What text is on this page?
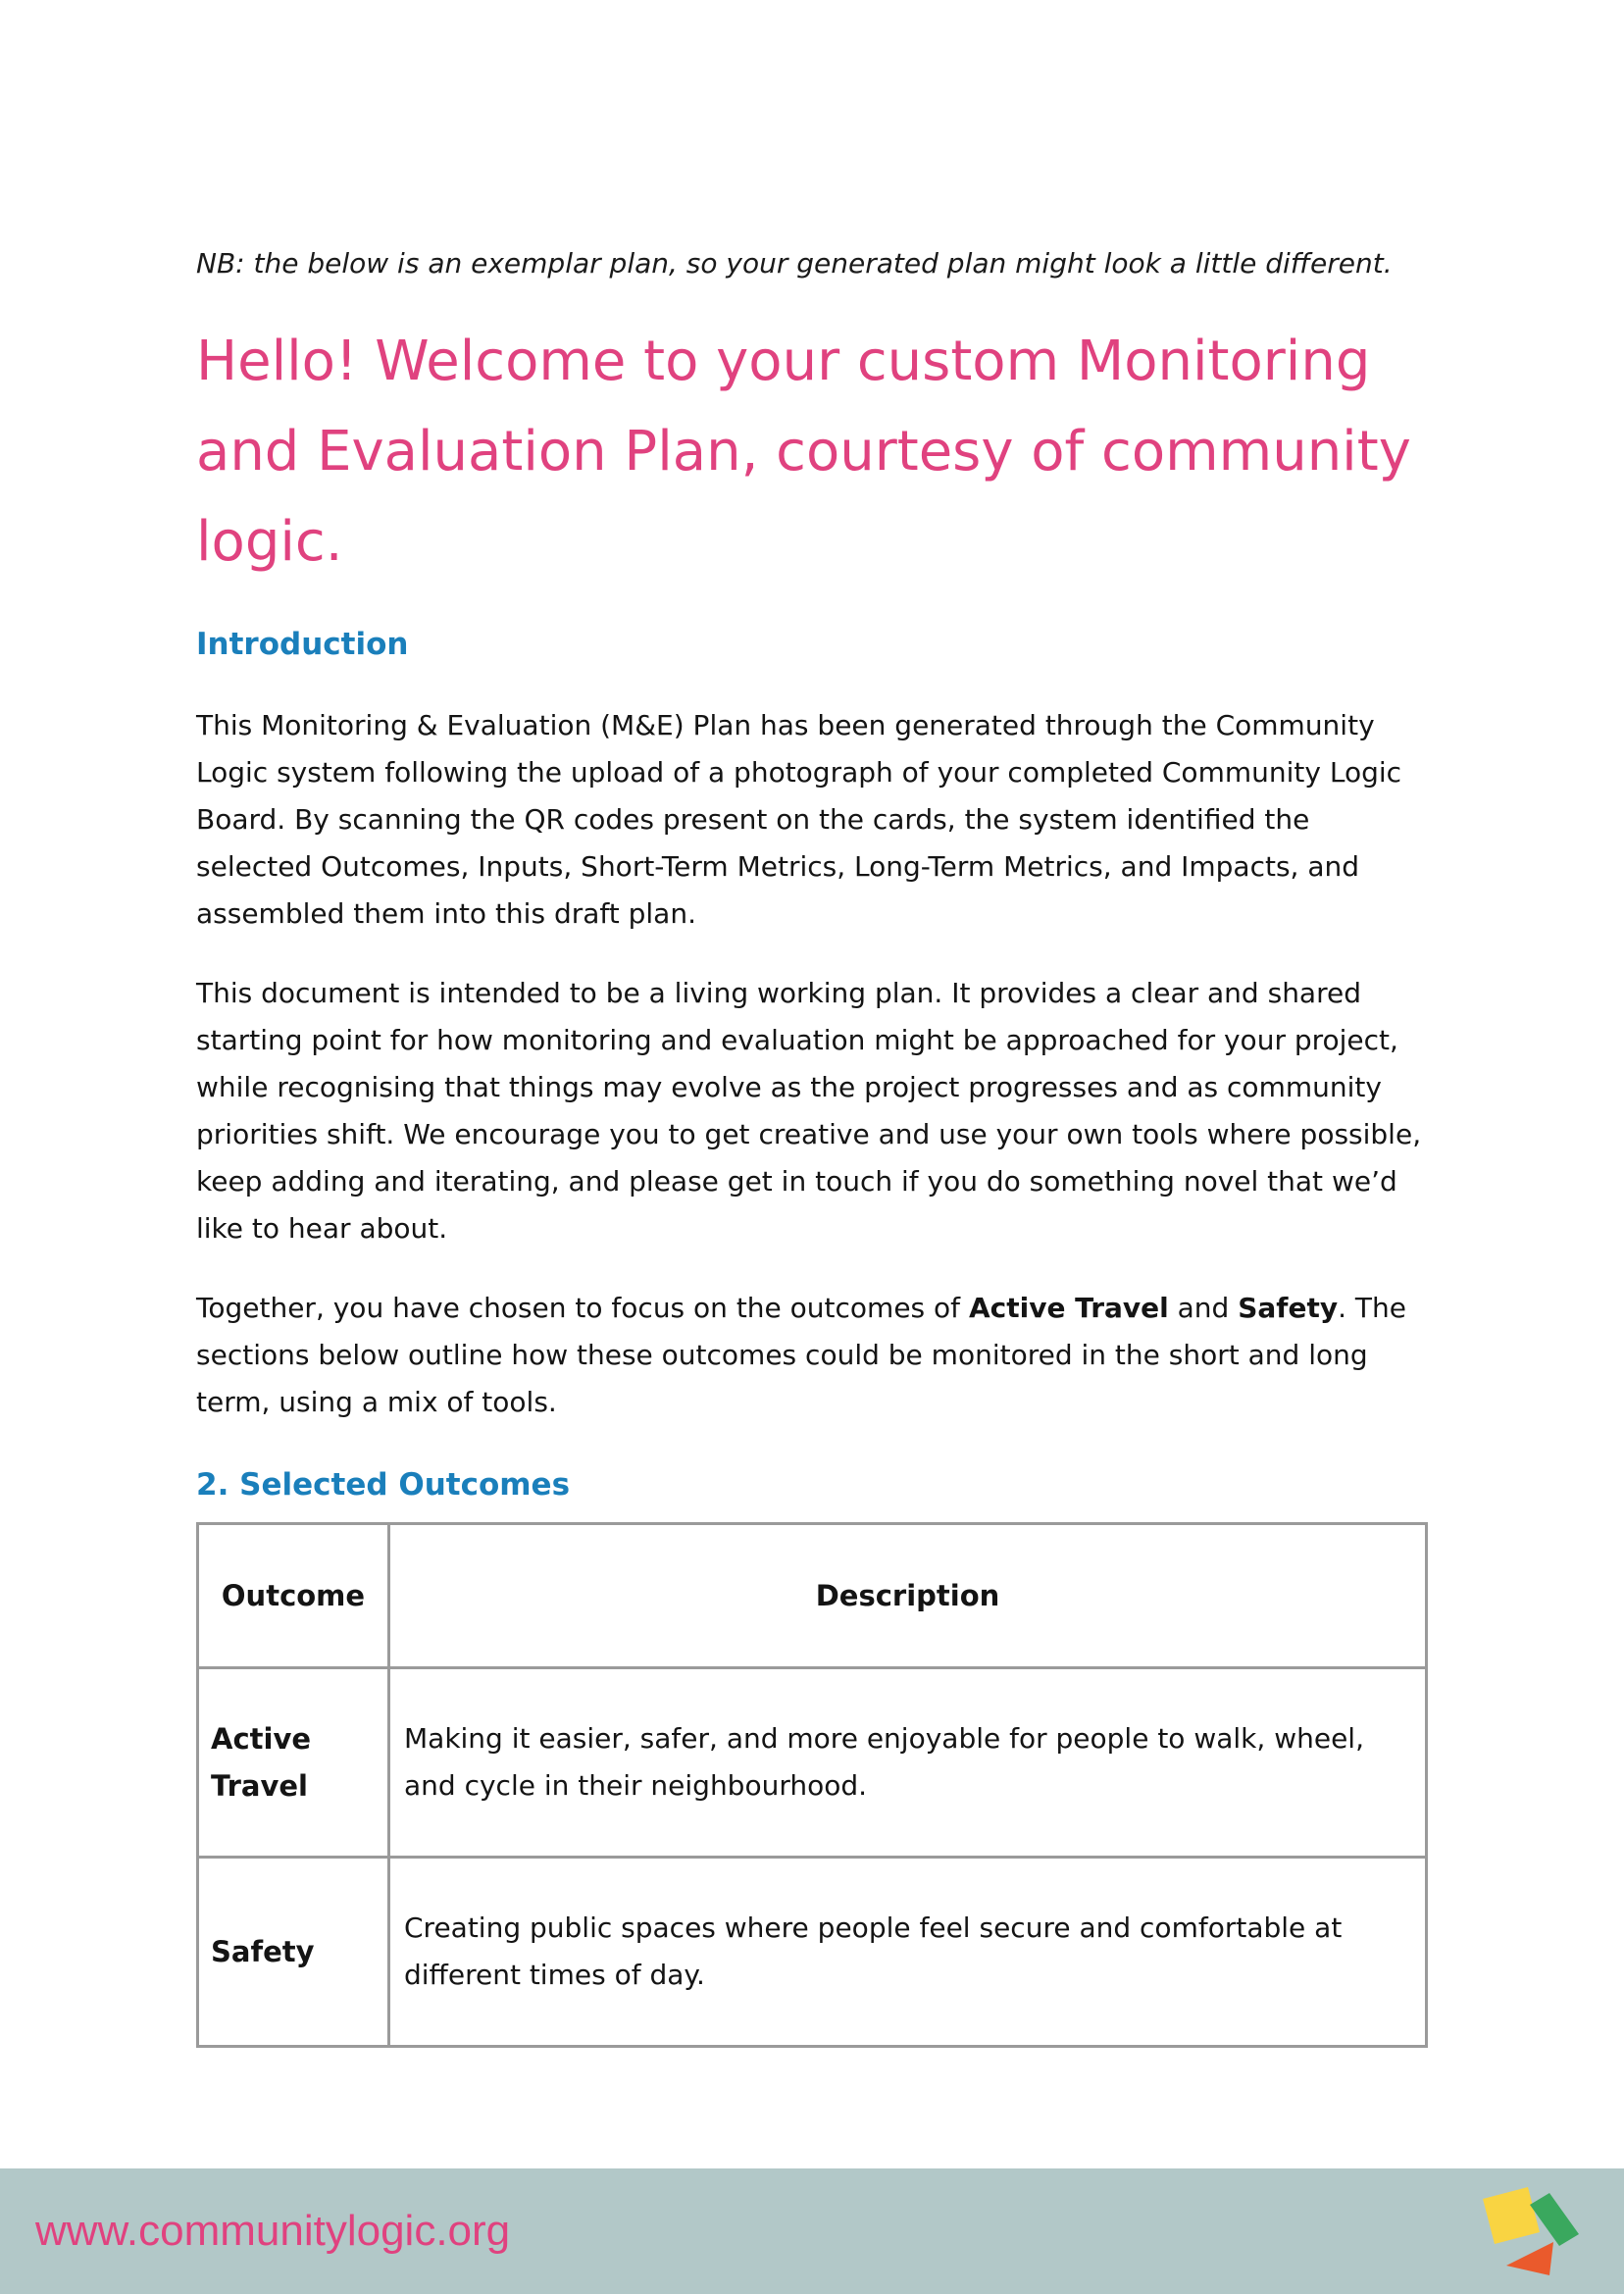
NB: the below is an exemplar plan, so your generated plan might look a little different.

Hello! Welcome to your custom Monitoring and Evaluation Plan, courtesy of community logic.
Introduction

This Monitoring & Evaluation (M&E) Plan has been generated through the Community Logic system following the upload of a photograph of your completed Community Logic Board. By scanning the QR codes present on the cards, the system identified the selected Outcomes, Inputs, Short-Term Metrics, Long-Term Metrics, and Impacts, and assembled them into this draft plan.

This document is intended to be a living working plan. It provides a clear and shared starting point for how monitoring and evaluation might be approached for your project, while recognising that things may evolve as the project progresses and as community priorities shift. We encourage you to get creative and use your own tools where possible, keep adding and iterating, and please get in touch if you do something novel that we’d like to hear about.

Together, you have chosen to focus on the outcomes of Active Travel and Safety. The sections below outline how these outcomes could be monitored in the short and long term, using a mix of tools.

2. Selected Outcomes
Outcome	Description
Active Travel	Making it easier, safer, and more enjoyable for people to walk, wheel, and cycle in their neighbourhood.
Safety	Creating public spaces where people feel secure and comfortable at different times of day.
www.communitylogic.org
